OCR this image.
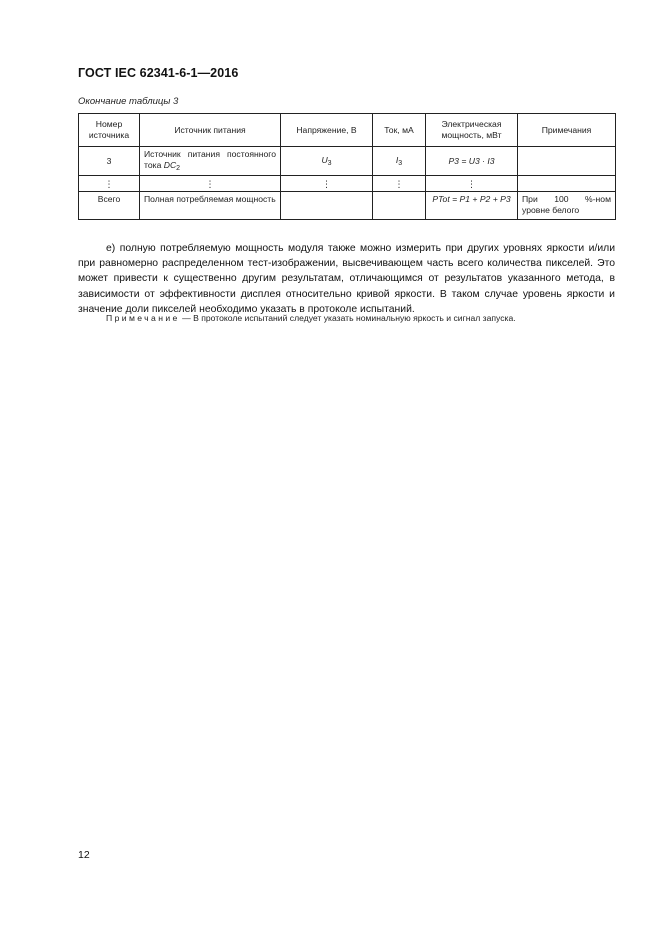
ГОСТ IEC 62341-6-1—2016
Окончание таблицы 3
Номер источника	Источник питания	Напряжение, В	Ток, мА	Электрическая мощность, мВт	Примечания
3	Источник питания постоянного тока $DC_2$	$U_3$	$I_3$	P3 = U3 · I3	
⋮	⋮	⋮	⋮	⋮	
Всего	Полная потребляемая мощность			PTot = P1 + P2 + P3	При 100 %-ном уровне белого

е) полную потребляемую мощность модуля также можно измерить при других уровнях яркости и/или при равномерно распределенном тест-изображении, высвечивающем часть всего количества пикселей. Это может привести к существенно другим результатам, отличающимся от результатов указанного метода, в зависимости от эффективности дисплея относительно кривой яркости. В таком случае уровень яркости и значение доли пикселей необходимо указать в протоколе испытаний.

Примечание — В протоколе испытаний следует указать номинальную яркость и сигнал запуска.
12
